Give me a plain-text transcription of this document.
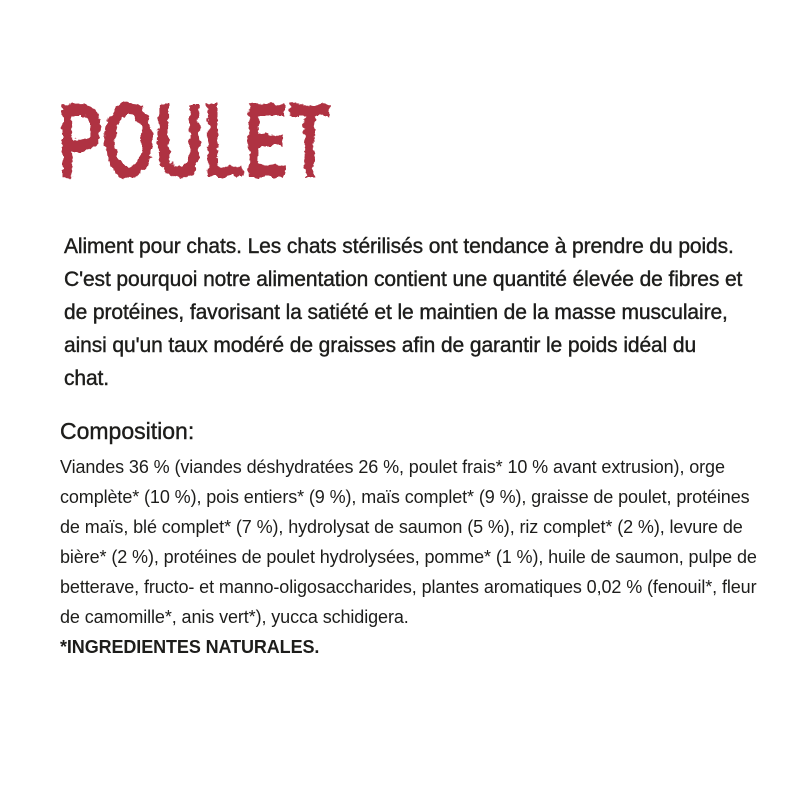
POULET

Aliment pour chats. Les chats stérilisés ont tendance à prendre du poids. C'est pourquoi notre alimentation contient une quantité élevée de fibres et de protéines, favorisant la satiété et le maintien de la masse musculaire, ainsi qu'un taux modéré de graisses afin de garantir le poids idéal du chat.

Composition:

Viandes 36 % (viandes déshydratées 26 %, poulet frais* 10 % avant extrusion), orge complète* (10 %), pois entiers* (9 %), maïs complet* (9 %), graisse de poulet, protéines de maïs, blé complet* (7 %), hydrolysat de saumon (5 %), riz complet* (2 %), levure de bière* (2 %), protéines de poulet hydrolysées, pomme* (1 %), huile de saumon, pulpe de betterave, fructo- et manno-oligosaccharides, plantes aromatiques 0,02 % (fenouil*, fleur de camomille*, anis vert*), yucca schidigera.

*INGREDIENTES NATURALES.
